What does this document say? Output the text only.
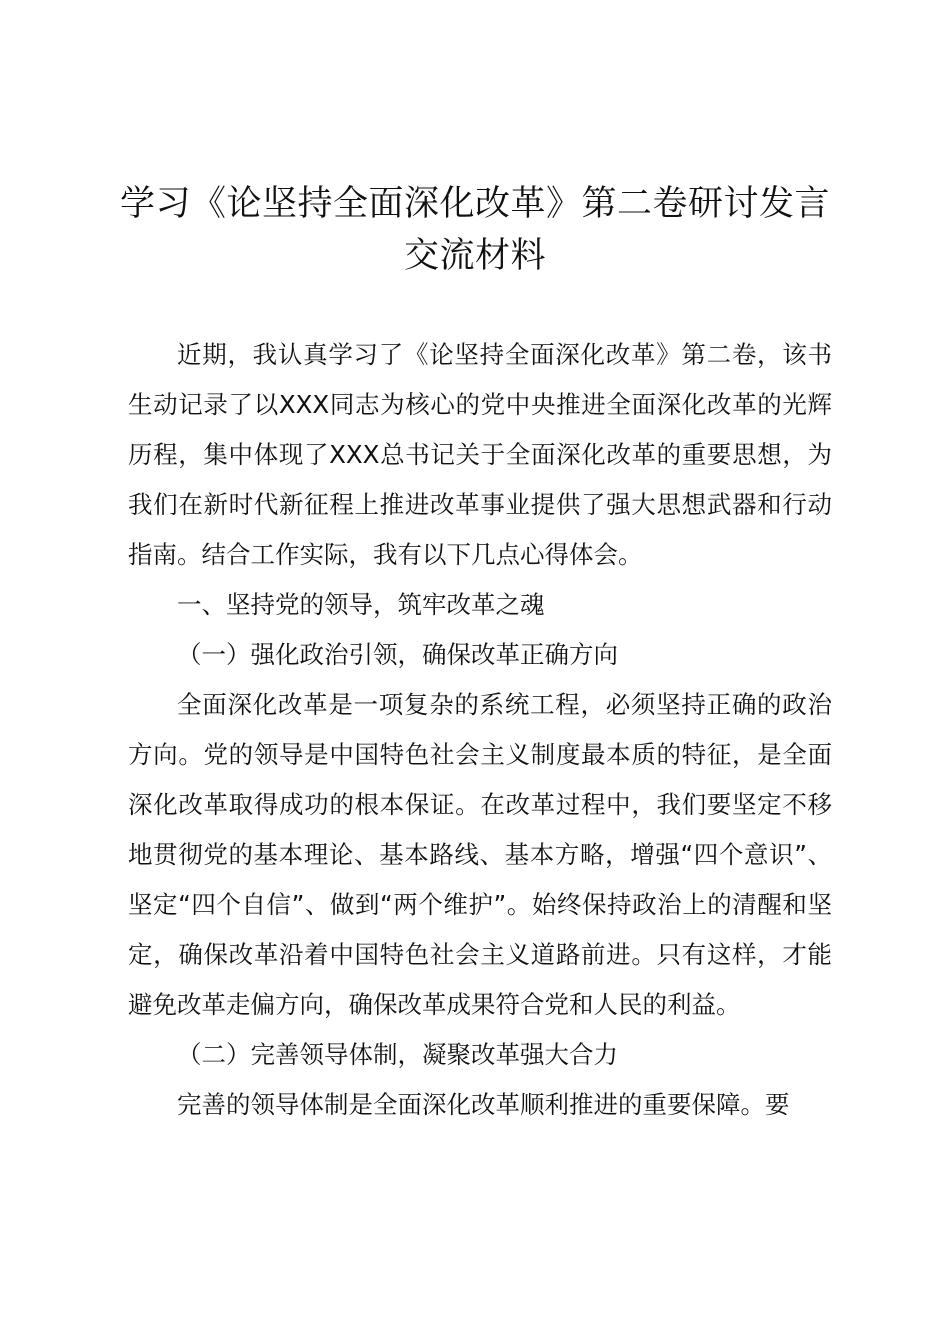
学习《论坚持全面深化改革》第二卷研讨发言
交流材料

近期，我认真学习了《论坚持全面深化改革》第二卷，该书生动记录了以XXX同志为核心的党中央推进全面深化改革的光辉历程，集中体现了XXX总书记关于全面深化改革的重要思想，为我们在新时代新征程上推进改革事业提供了强大思想武器和行动指南。结合工作实际，我有以下几点心得体会。

一、坚持党的领导，筑牢改革之魂

（一）强化政治引领，确保改革正确方向

全面深化改革是一项复杂的系统工程，必须坚持正确的政治方向。党的领导是中国特色社会主义制度最本质的特征，是全面深化改革取得成功的根本保证。在改革过程中，我们要坚定不移地贯彻党的基本理论、基本路线、基本方略，增强“四个意识”、坚定“四个自信”、做到“两个维护”。始终保持政治上的清醒和坚定，确保改革沿着中国特色社会主义道路前进。只有这样，才能避免改革走偏方向，确保改革成果符合党和人民的利益。

（二）完善领导体制，凝聚改革强大合力

完善的领导体制是全面深化改革顺利推进的重要保障。要
